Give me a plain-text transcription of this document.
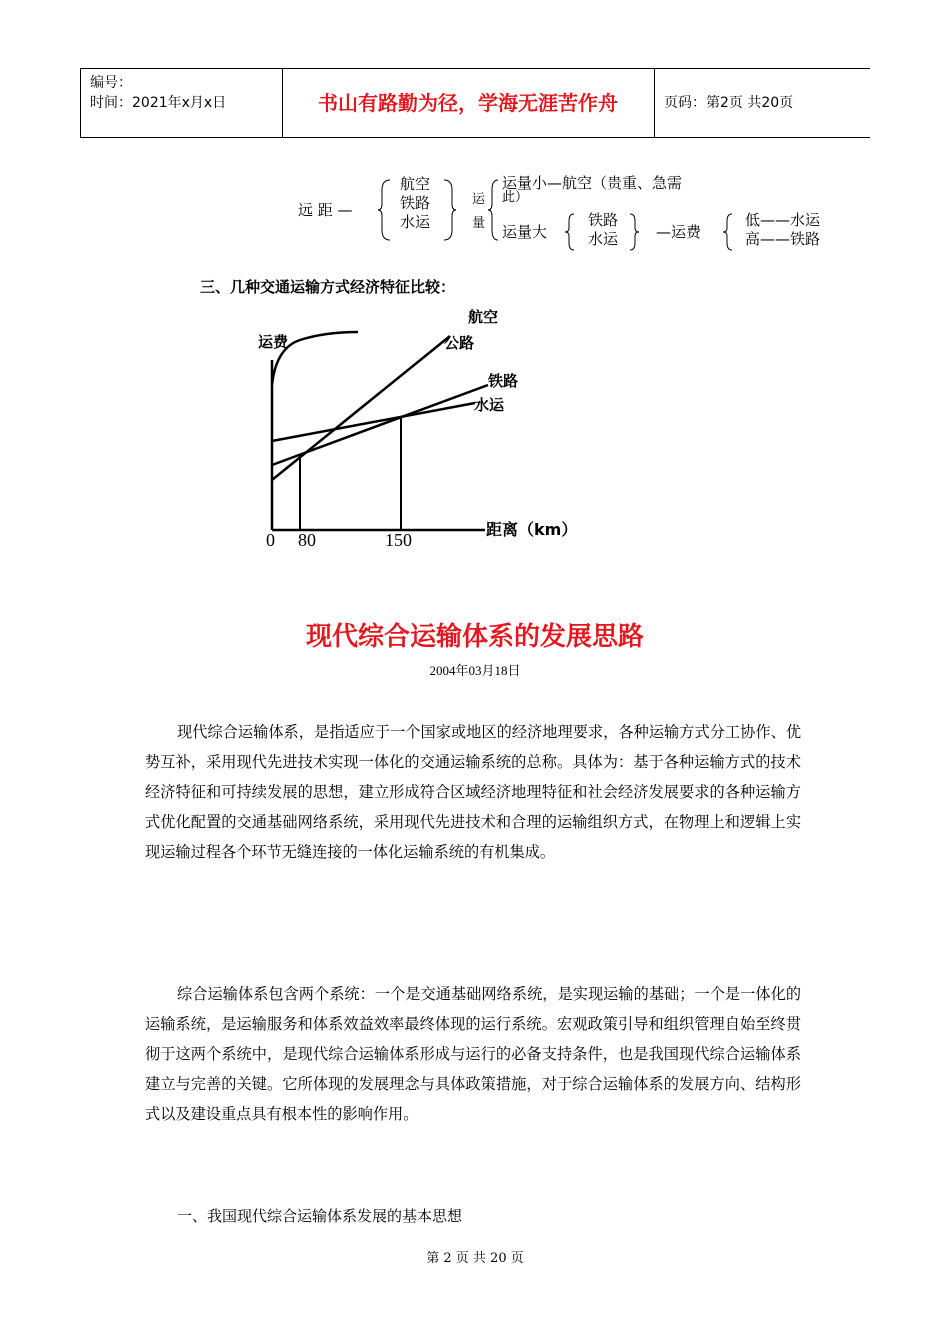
编号：
时间：2021年x月x日	书山有路勤为径，学海无涯苦作舟	页码：第2页 共20页
远 距 —
航空
铁路
水运
运
量
运量小—航空（贵重、急需
此）
运量大
铁路
水运	—运费
低——水运
高——铁路
三、几种交通运输方式经济特征比较：
运费
航空
公路
铁路
水运
距离（km）
0 80	150
现代综合运输体系的发展思路
2004年03月18日
现代综合运输体系，是指适应于一个国家或地区的经济地理要求，各种运输方式分工协作、优势互补，采用现代先进技术实现一体化的交通运输系统的总称。具体为：基于各种运输方式的技术经济特征和可持续发展的思想，建立形成符合区域经济地理特征和社会经济发展要求的各种运输方式优化配置的交通基础网络系统，采用现代先进技术和合理的运输组织方式，在物理上和逻辑上实现运输过程各个环节无缝连接的一体化运输系统的有机集成。
综合运输体系包含两个系统：一个是交通基础网络系统，是实现运输的基础；一个是一体化的运输系统，是运输服务和体系效益效率最终体现的运行系统。宏观政策引导和组织管理自始至终贯彻于这两个系统中，是现代综合运输体系形成与运行的必备支持条件，也是我国现代综合运输体系建立与完善的关键。它所体现的发展理念与具体政策措施，对于综合运输体系的发展方向、结构形式以及建设重点具有根本性的影响作用。
一、我国现代综合运输体系发展的基本思想
第 2 页 共 20 页
